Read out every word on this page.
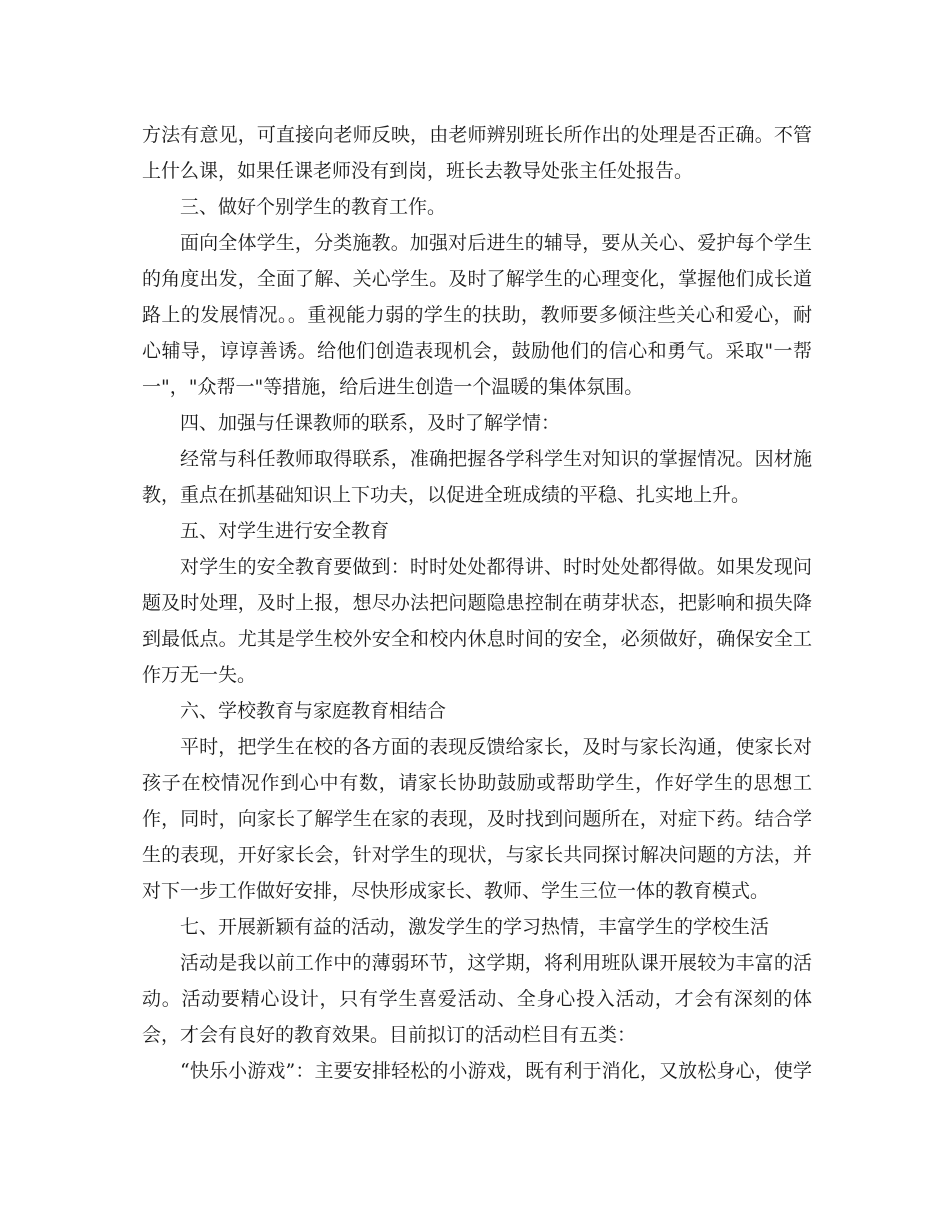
方法有意见，可直接向老师反映，由老师辨别班长所作出的处理是否正确。不管
上什么课，如果任课老师没有到岗，班长去教导处张主任处报告。
三、做好个别学生的教育工作。
面向全体学生，分类施教。加强对后进生的辅导，要从关心、爱护每个学生
的角度出发，全面了解、关心学生。及时了解学生的心理变化，掌握他们成长道
路上的发展情况。。重视能力弱的学生的扶助，教师要多倾注些关心和爱心，耐
心辅导，谆谆善诱。给他们创造表现机会，鼓励他们的信心和勇气。采取"一帮
一"，"众帮一"等措施，给后进生创造一个温暖的集体氛围。
四、加强与任课教师的联系，及时了解学情：
经常与科任教师取得联系，准确把握各学科学生对知识的掌握情况。因材施
教，重点在抓基础知识上下功夫，以促进全班成绩的平稳、扎实地上升。
五、对学生进行安全教育
对学生的安全教育要做到：时时处处都得讲、时时处处都得做。如果发现问
题及时处理，及时上报，想尽办法把问题隐患控制在萌芽状态，把影响和损失降
到最低点。尤其是学生校外安全和校内休息时间的安全，必须做好，确保安全工
作万无一失。
六、学校教育与家庭教育相结合
平时，把学生在校的各方面的表现反馈给家长，及时与家长沟通，使家长对
孩子在校情况作到心中有数，请家长协助鼓励或帮助学生，作好学生的思想工
作，同时，向家长了解学生在家的表现，及时找到问题所在，对症下药。结合学
生的表现，开好家长会，针对学生的现状，与家长共同探讨解决问题的方法，并
对下一步工作做好安排，尽快形成家长、教师、学生三位一体的教育模式。
七、开展新颖有益的活动，激发学生的学习热情，丰富学生的学校生活
活动是我以前工作中的薄弱环节，这学期，将利用班队课开展较为丰富的活
动。活动要精心设计，只有学生喜爱活动、全身心投入活动，才会有深刻的体
会，才会有良好的教育效果。目前拟订的活动栏目有五类：
“快乐小游戏”：主要安排轻松的小游戏，既有利于消化，又放松身心，使学
